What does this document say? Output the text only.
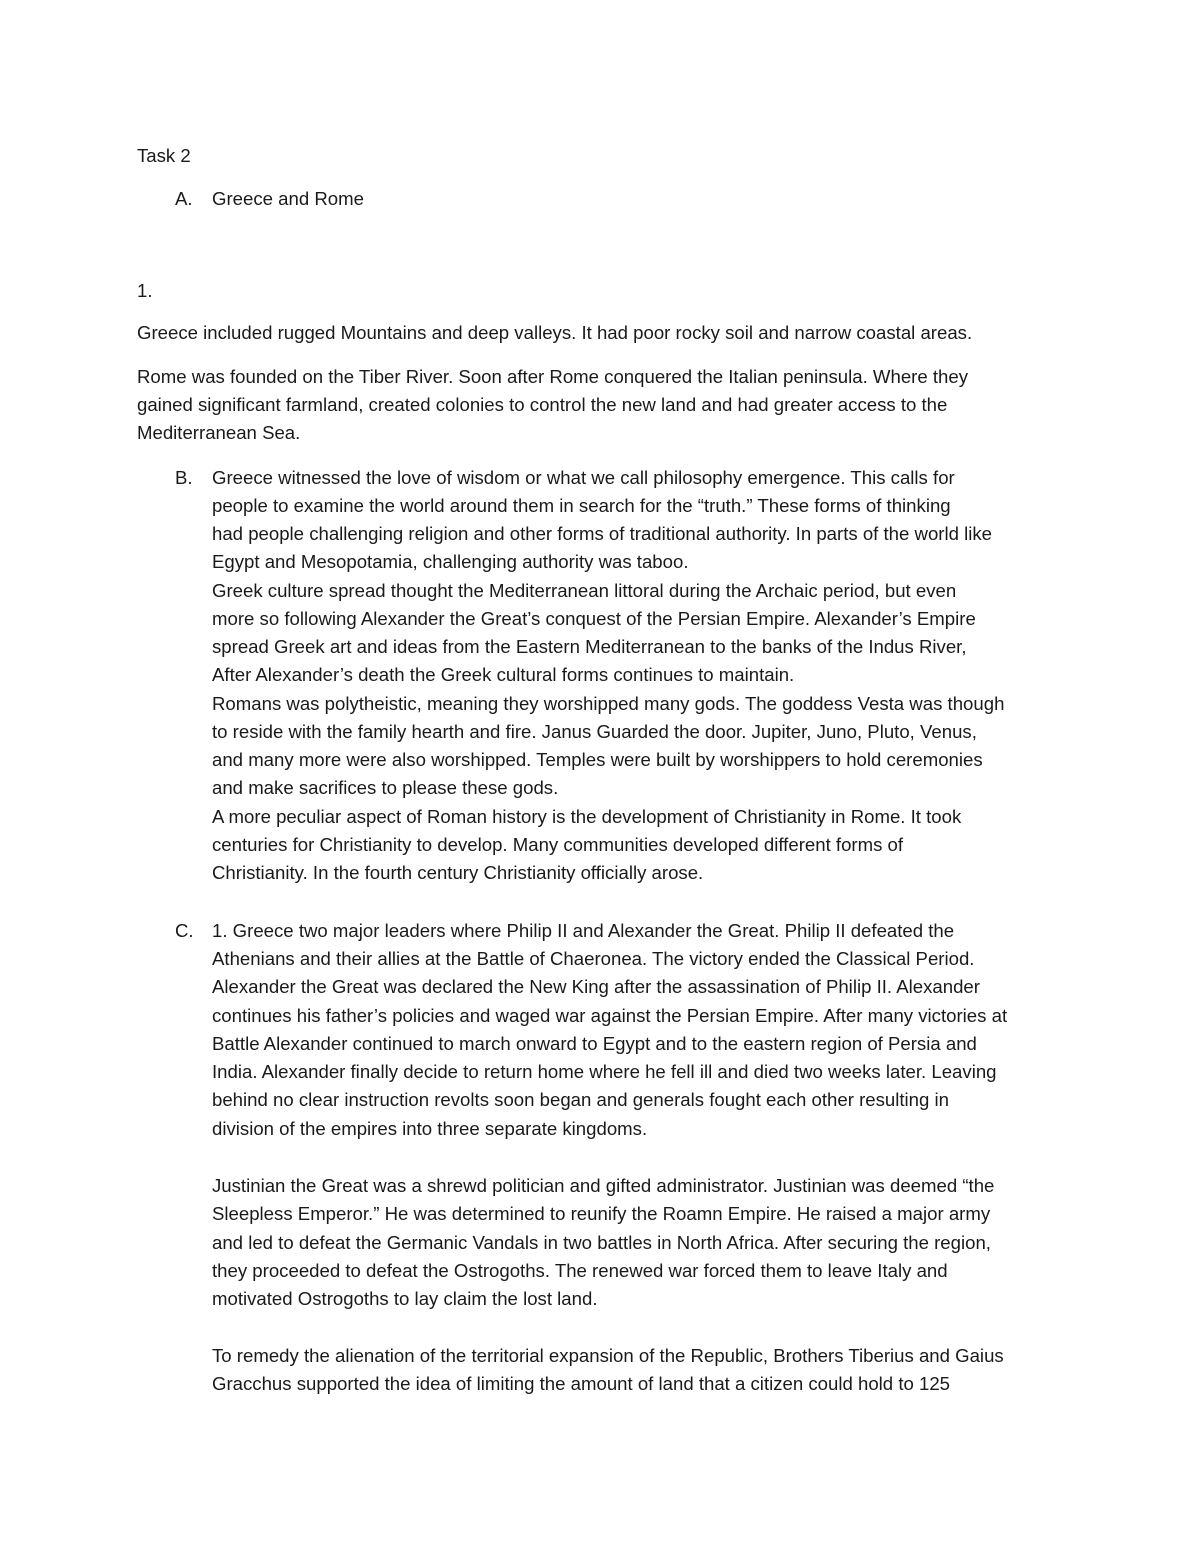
Task 2

A. Greece and Rome

1.

Greece included rugged Mountains and deep valleys. It had poor rocky soil and narrow coastal areas.

Rome was founded on the Tiber River. Soon after Rome conquered the Italian peninsula. Where they

gained significant farmland, created colonies to control the new land and had greater access to the

Mediterranean Sea.

B. Greece witnessed the love of wisdom or what we call philosophy emergence. This calls for

people to examine the world around them in search for the “truth.” These forms of thinking

had people challenging religion and other forms of traditional authority. In parts of the world like

Egypt and Mesopotamia, challenging authority was taboo.

Greek culture spread thought the Mediterranean littoral during the Archaic period, but even

more so following Alexander the Great’s conquest of the Persian Empire. Alexander’s Empire

spread Greek art and ideas from the Eastern Mediterranean to the banks of the Indus River,

After Alexander’s death the Greek cultural forms continues to maintain.

Romans was polytheistic, meaning they worshipped many gods. The goddess Vesta was though

to reside with the family hearth and fire. Janus Guarded the door. Jupiter, Juno, Pluto, Venus,

and many more were also worshipped. Temples were built by worshippers to hold ceremonies

and make sacrifices to please these gods.

A more peculiar aspect of Roman history is the development of Christianity in Rome. It took

centuries for Christianity to develop. Many communities developed different forms of

Christianity. In the fourth century Christianity officially arose.

C. 1. Greece two major leaders where Philip II and Alexander the Great. Philip II defeated the

Athenians and their allies at the Battle of Chaeronea. The victory ended the Classical Period.

Alexander the Great was declared the New King after the assassination of Philip II. Alexander

continues his father’s policies and waged war against the Persian Empire. After many victories at

Battle Alexander continued to march onward to Egypt and to the eastern region of Persia and

India. Alexander finally decide to return home where he fell ill and died two weeks later. Leaving

behind no clear instruction revolts soon began and generals fought each other resulting in

division of the empires into three separate kingdoms.

Justinian the Great was a shrewd politician and gifted administrator. Justinian was deemed “the

Sleepless Emperor.” He was determined to reunify the Roamn Empire. He raised a major army

and led to defeat the Germanic Vandals in two battles in North Africa. After securing the region,

they proceeded to defeat the Ostrogoths. The renewed war forced them to leave Italy and

motivated Ostrogoths to lay claim the lost land.

To remedy the alienation of the territorial expansion of the Republic, Brothers Tiberius and Gaius

Gracchus supported the idea of limiting the amount of land that a citizen could hold to 125
